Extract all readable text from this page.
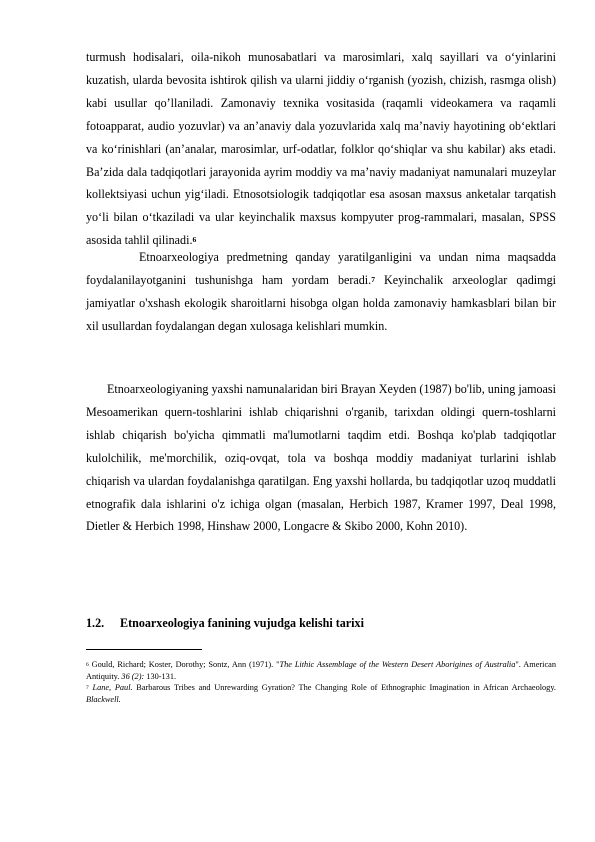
turmush hodisalari, oila-nikoh munosabatlari va marosimlari, xalq sayillari va oʻyinlarini kuzatish, ularda bevosita ishtirok qilish va ularni jiddiy oʻrganish (yozish, chizish, rasmga olish) kabi usullar qoʼllaniladi. Zamonaviy texnika vositasida (raqamli videokamera va raqamli fotoapparat, audio yozuvlar) va anʼanaviy dala yozuvlarida xalq maʼnaviy hayotining obʻektlari va koʻrinishlari (anʼanalar, marosimlar, urf-odatlar, folklor qoʻshiqlar va shu kabilar) aks etadi. Baʼzida dala tadqiqotlari jarayonida ayrim moddiy va maʼnaviy madaniyat namunalari muzeylar kollektsiyasi uchun yigʻiladi. Etnosotsiologik tadqiqotlar esa asosan maxsus anketalar tarqatish yoʻli bilan oʻtkaziladi va ular keyinchalik maxsus kompyuter prog-rammalari, masalan, SPSS asosida tahlil qilinadi.$^6$

Etnoarxeologiya predmetning qanday yaratilganligini va undan nima maqsadda foydalanilayotganini tushunishga ham yordam beradi.$^7$ Keyinchalik arxeologlar qadimgi jamiyatlar o'xshash ekologik sharoitlarni hisobga olgan holda zamonaviy hamkasblari bilan bir xil usullardan foydalangan degan xulosaga kelishlari mumkin.

Etnoarxeologiyaning yaxshi namunalaridan biri Brayan Xeyden (1987) bo'lib, uning jamoasi Mesoamerikan quern-toshlarini ishlab chiqarishni o'rganib, tarixdan oldingi quern-toshlarni ishlab chiqarish bo'yicha qimmatli ma'lumotlarni taqdim etdi. Boshqa ko'plab tadqiqotlar kulolchilik, me'morchilik, oziq-ovqat, tola va boshqa moddiy madaniyat turlarini ishlab chiqarish va ulardan foydalanishga qaratilgan. Eng yaxshi hollarda, bu tadqiqotlar uzoq muddatli etnografik dala ishlarini o'z ichiga olgan (masalan, Herbich 1987, Kramer 1997, Deal 1998, Dietler & Herbich 1998, Hinshaw 2000, Longacre & Skibo 2000, Kohn 2010).

1.2. Etnoarxeologiya fanining vujudga kelishi tarixi

$^6$ Gould, Richard; Koster, Dorothy; Sontz, Ann (1971). "The Lithic Assemblage of the Western Desert Aborigines of Australia". American Antiquity. 36 (2): 130-131.

$^7$ Lane, Paul. Barbarous Tribes and Unrewarding Gyration? The Changing Role of Ethnographic Imagination in African Archaeology. Blackwell.
